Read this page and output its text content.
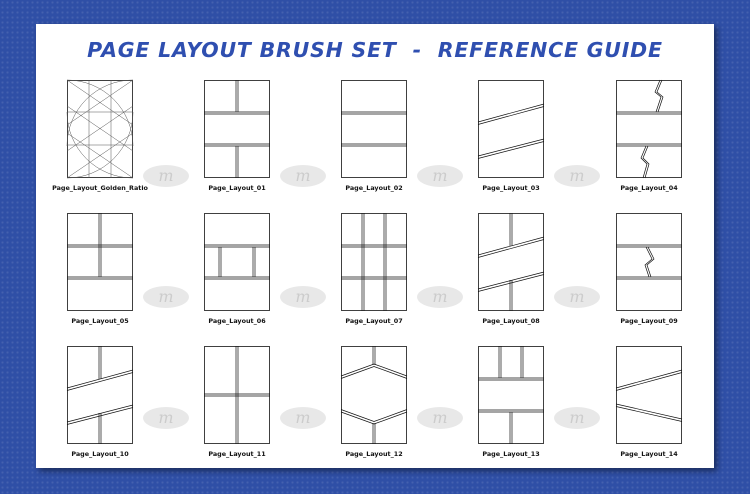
PAGE LAYOUT BRUSH SET  -  REFERENCE GUIDE
m	m	m	m
m	m	m	m
m	m	m	m
Page_Layout_Golden_Ratio	Page_Layout_01	Page_Layout_02	Page_Layout_03	Page_Layout_04
Page_Layout_05	Page_Layout_06	Page_Layout_07	Page_Layout_08	Page_Layout_09
Page_Layout_10	Page_Layout_11	Page_Layout_12	Page_Layout_13	Page_Layout_14
